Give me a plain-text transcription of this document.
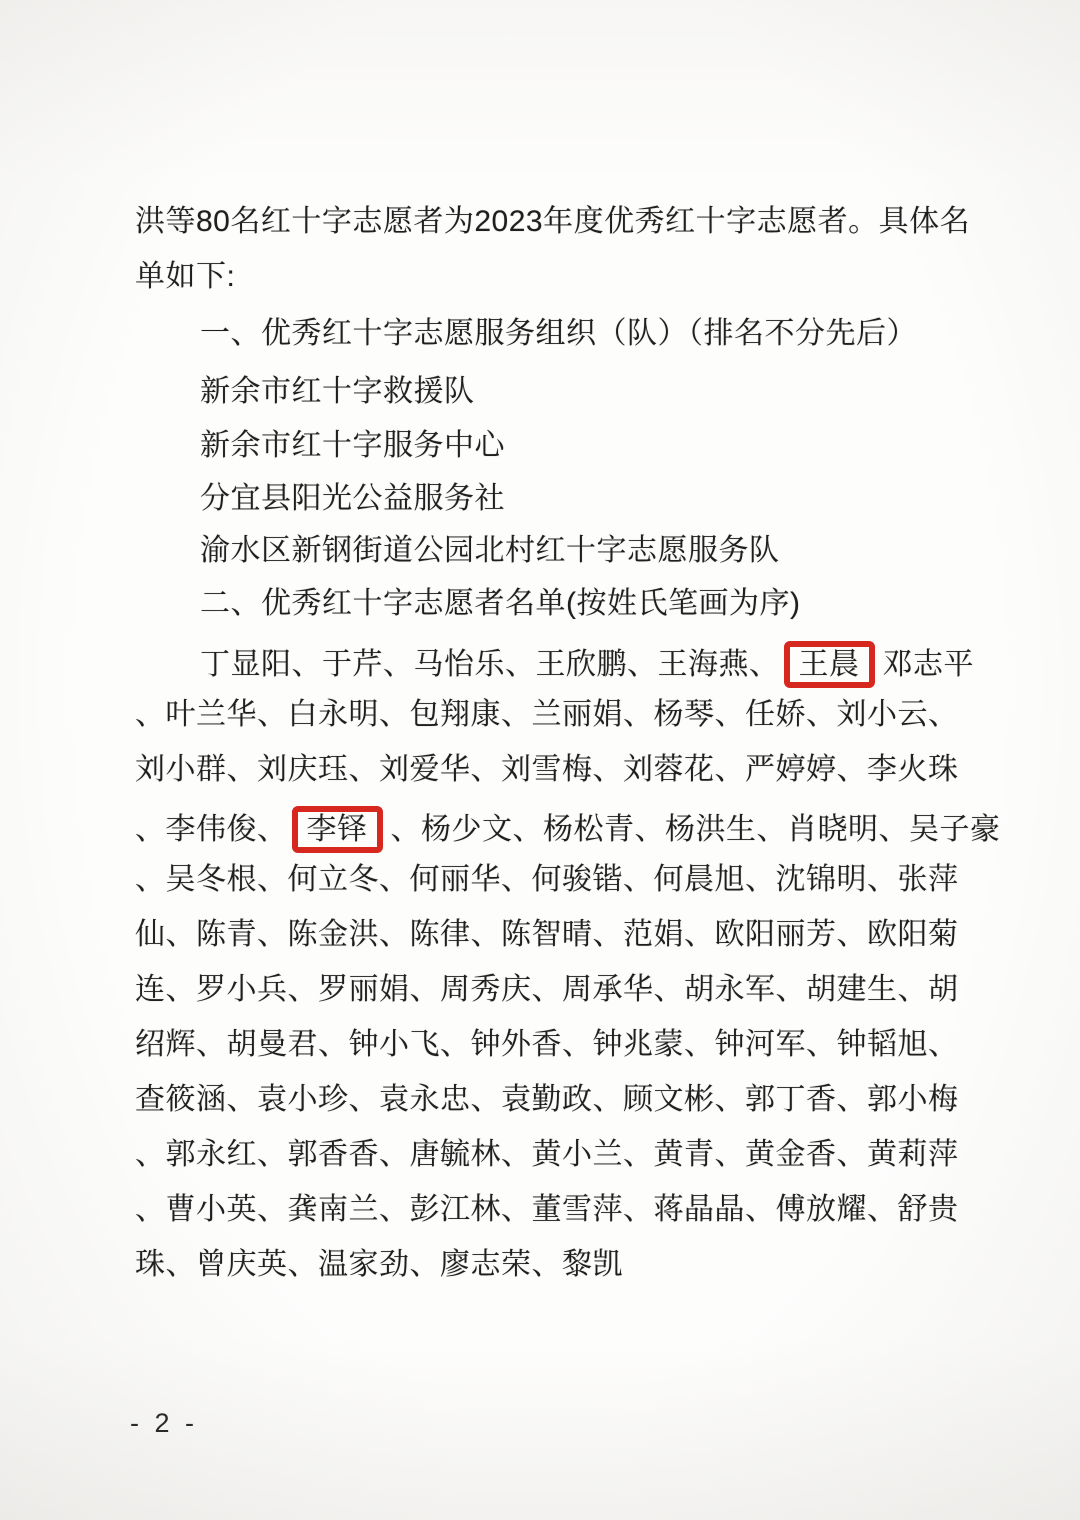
洪等80名红十字志愿者为2023年度优秀红十字志愿者。具体名
单如下:
一、优秀红十字志愿服务组织（队）（排名不分先后）
新余市红十字救援队
新余市红十字服务中心
分宜县阳光公益服务社
渝水区新钢街道公园北村红十字志愿服务队
二、优秀红十字志愿者名单(按姓氏笔画为序)
丁显阳、于芹、马怡乐、王欣鹏、王海燕、 王晨 邓志平
、叶兰华、白永明、包翔康、兰丽娟、杨琴、任娇、刘小云、
刘小群、刘庆珏、刘爱华、刘雪梅、刘蓉花、严婷婷、李火珠
、李伟俊、 李铎 、杨少文、杨松青、杨洪生、肖晓明、吴子豪
、吴冬根、何立冬、何丽华、何骏锴、何晨旭、沈锦明、张萍
仙、陈青、陈金洪、陈律、陈智晴、范娟、欧阳丽芳、欧阳菊
连、罗小兵、罗丽娟、周秀庆、周承华、胡永军、胡建生、胡
绍辉、胡曼君、钟小飞、钟外香、钟兆蒙、钟河军、钟韬旭、
查筱涵、袁小珍、袁永忠、袁勤政、顾文彬、郭丁香、郭小梅
、郭永红、郭香香、唐毓林、黄小兰、黄青、黄金香、黄莉萍
、曹小英、龚南兰、彭江林、董雪萍、蒋晶晶、傅放耀、舒贵
珠、曾庆英、温家劲、廖志荣、黎凯
- 2 -
